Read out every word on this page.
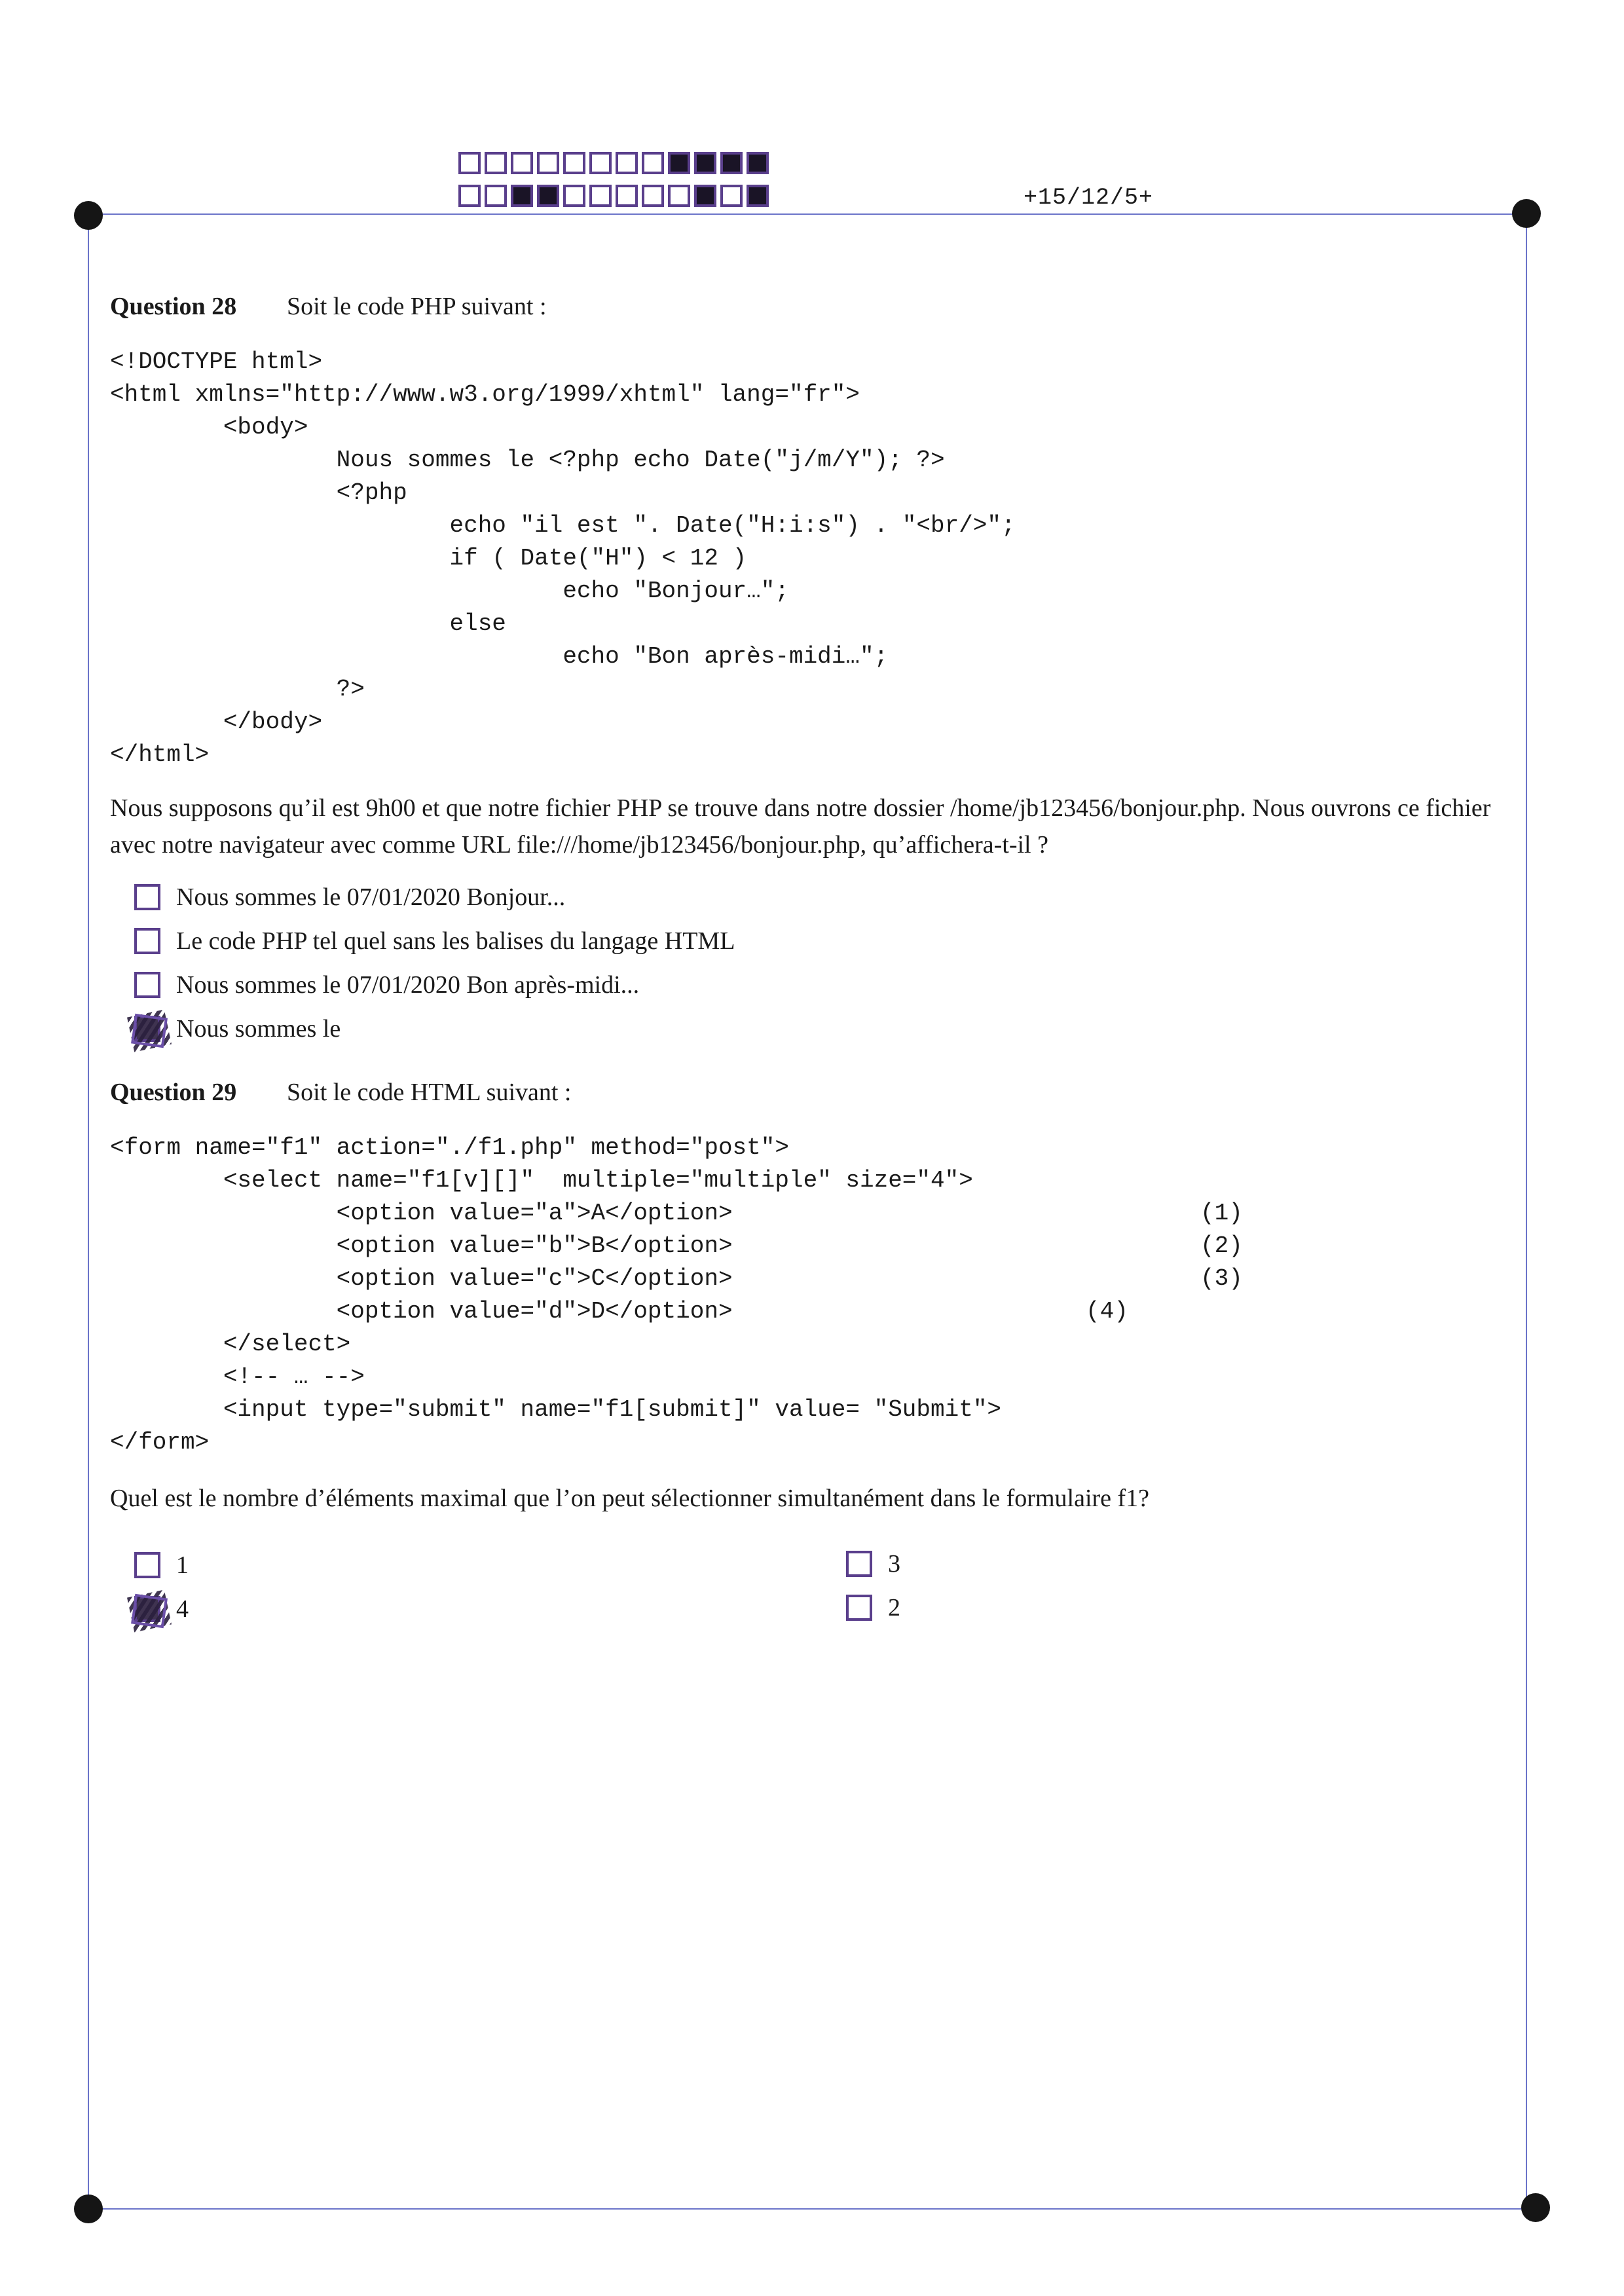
+15/12/5+
Question 28 Soit le code PHP suivant :
<!DOCTYPE html>
<html xmlns="http://www.w3.org/1999/xhtml" lang="fr">
<body>
Nous sommes le <?php echo Date("j/m/Y"); ?>
<?php
echo "il est ". Date("H:i:s") . "<br/>";
if ( Date("H") < 12 )
echo "Bonjour…";
else
echo "Bon après-midi…";
?>
</body>
</html>
Nous supposons qu’il est 9h00 et que notre fichier PHP se trouve dans notre dossier /home/jb123456/bonjour.php. Nous ouvrons ce fichier avec notre navigateur avec comme URL file:///home/jb123456/bonjour.php, qu’affichera-t-il ?
Nous sommes le 07/01/2020 Bonjour...
Le code PHP tel quel sans les balises du langage HTML
Nous sommes le 07/01/2020 Bon après-midi...
Nous sommes le
Question 29 Soit le code HTML suivant :
<form name="f1" action="./f1.php" method="post">
<select name="f1[v][]"  multiple="multiple" size="4">
<option value="a">A</option>	(1)
<option value="b">B</option>	(2)
<option value="c">C</option>	(3)
<option value="d">D</option>	(4)
</select>
<!-- … -->
<input type="submit" name="f1[submit]" value= "Submit">
</form>
Quel est le nombre d’éléments maximal que l’on peut sélectionner simultanément dans le formulaire f1?
1
4
3
2
